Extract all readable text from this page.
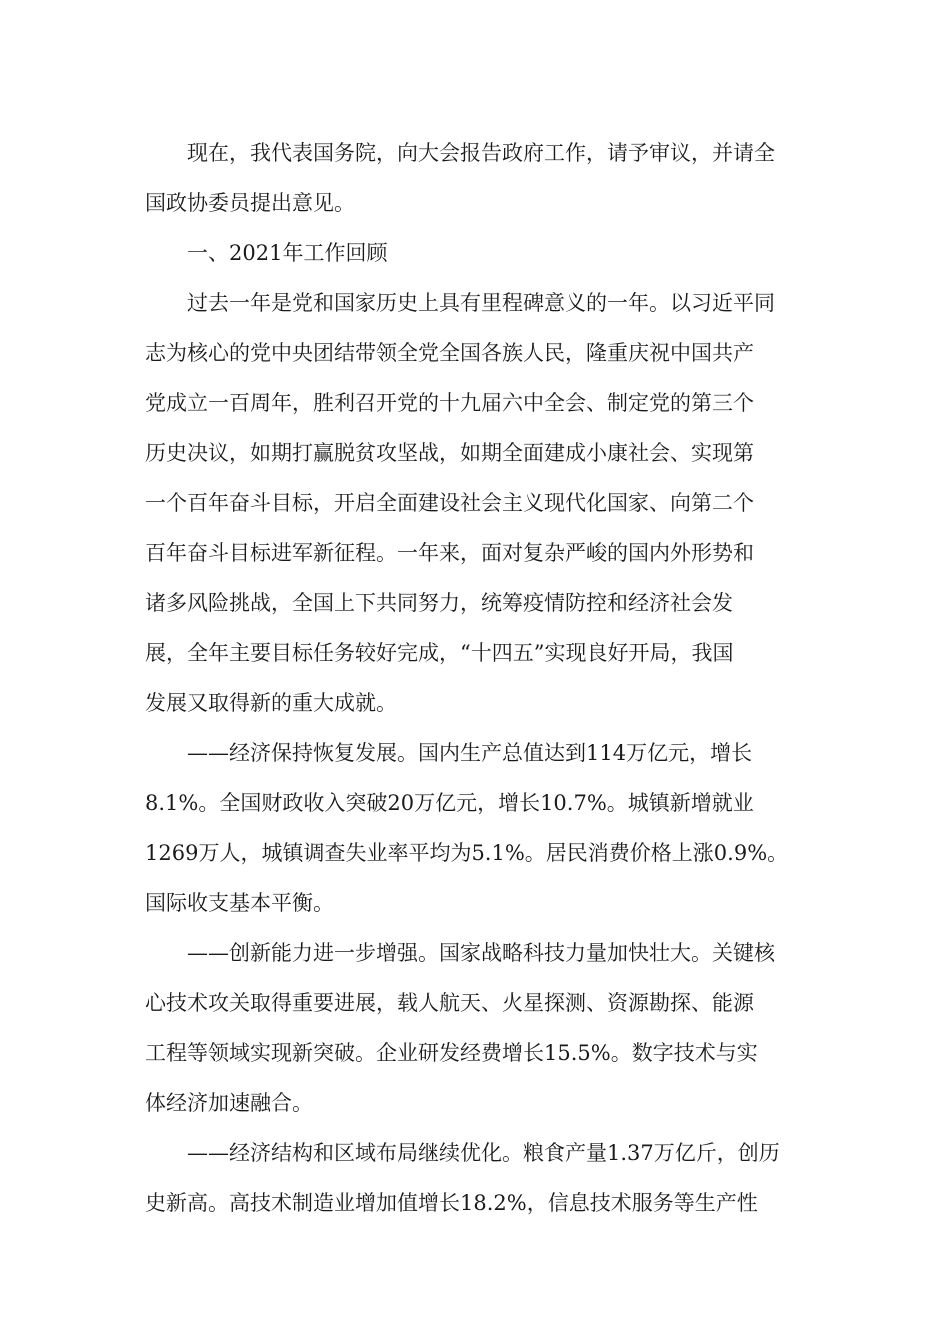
现在，我代表国务院，向大会报告政府工作，请予审议，并请全
国政协委员提出意见。

一、2021年工作回顾

过去一年是党和国家历史上具有里程碑意义的一年。以习近平同
志为核心的党中央团结带领全党全国各族人民，隆重庆祝中国共产
党成立一百周年，胜利召开党的十九届六中全会、制定党的第三个
历史决议，如期打赢脱贫攻坚战，如期全面建成小康社会、实现第
一个百年奋斗目标，开启全面建设社会主义现代化国家、向第二个
百年奋斗目标进军新征程。一年来，面对复杂严峻的国内外形势和
诸多风险挑战，全国上下共同努力，统筹疫情防控和经济社会发
展，全年主要目标任务较好完成，“十四五”实现良好开局，我国
发展又取得新的重大成就。

——经济保持恢复发展。国内生产总值达到114万亿元，增长
8.1%。全国财政收入突破20万亿元，增长10.7%。城镇新增就业
1269万人，城镇调查失业率平均为5.1%。居民消费价格上涨0.9%。
国际收支基本平衡。

——创新能力进一步增强。国家战略科技力量加快壮大。关键核
心技术攻关取得重要进展，载人航天、火星探测、资源勘探、能源
工程等领域实现新突破。企业研发经费增长15.5%。数字技术与实
体经济加速融合。

——经济结构和区域布局继续优化。粮食产量1.37万亿斤，创历
史新高。高技术制造业增加值增长18.2%，信息技术服务等生产性
